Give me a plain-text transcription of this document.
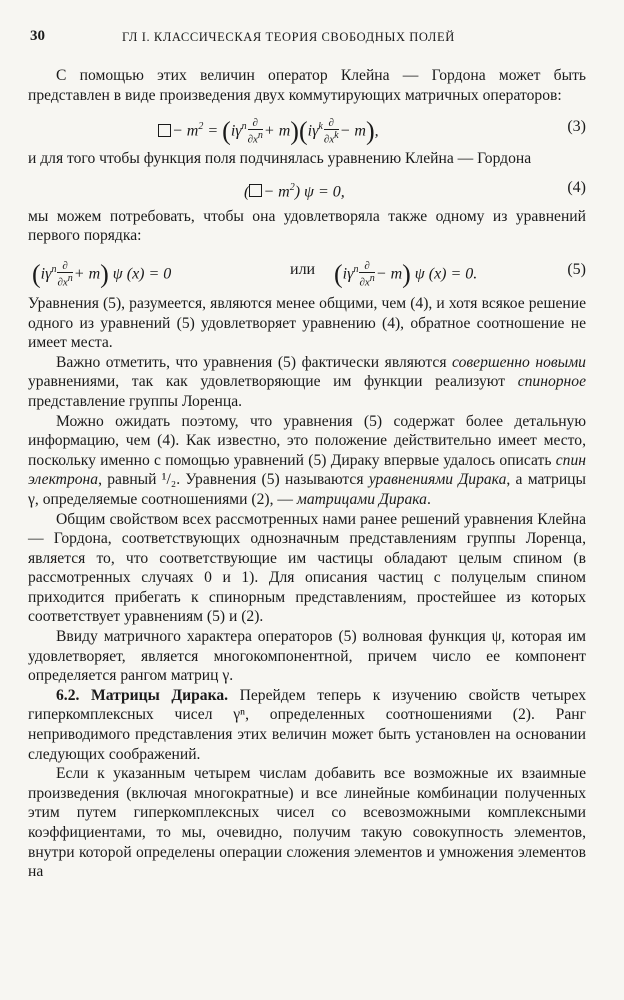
30	ГЛ I. КЛАССИЧЕСКАЯ ТЕОРИЯ СВОБОДНЫХ ПОЛЕЙ

С помощью этих величин оператор Клейна — Гордона может быть представлен в виде произведения двух коммутирующих матричных операторов:

− $m^2 = (i\gamma^n \frac{\partial}{\partial x^n} + m)(i\gamma^k \frac{\partial}{\partial x^k} - m)$,	(3)

и для того чтобы функция поля подчинялась уравнению Клейна — Гордона

( − $m^2$) ψ = 0,	(4)

мы можем потребовать, чтобы она удовлетворяла также одному из уравнений первого порядка:

$(i\gamma^n \frac{\partial}{\partial x^n} + m)$ ψ (x) = 0	или $(i\gamma^n \frac{\partial}{\partial x^n} - m)$ ψ (x) = 0.	(5)

Уравнения (5), разумеется, являются менее общими, чем (4), и хотя всякое решение одного из уравнений (5) удовлетворяет уравнению (4), обратное соотношение не имеет места.

Важно отметить, что уравнения (5) фактически являются совершенно новыми уравнениями, так как удовлетворяющие им функции реализуют спинорное представление группы Лоренца.

Можно ожидать поэтому, что уравнения (5) содержат более детальную информацию, чем (4). Как известно, это положение действительно имеет место, поскольку именно с помощью уравнений (5) Дираку впервые удалось описать спин электрона, равный ¹/₂. Уравнения (5) называются уравнениями Дирака, а матрицы γ, определяемые соотношениями (2), — матрицами Дирака.

Общим свойством всех рассмотренных нами ранее решений уравнения Клейна — Гордона, соответствующих однозначным представлениям группы Лоренца, является то, что соответствующие им частицы обладают целым спином (в рассмотренных случаях 0 и 1). Для описания частиц с полуцелым спином приходится прибегать к спинорным представлениям, простейшее из которых соответствует уравнениям (5) и (2).

Ввиду матричного характера операторов (5) волновая функция ψ, которая им удовлетворяет, является многокомпонентной, причем число ее компонент определяется рангом матриц γ.

6.2. Матрицы Дирака. Перейдем теперь к изучению свойств четырех гиперкомплексных чисел γⁿ, определенных соотношениями (2). Ранг неприводимого представления этих величин может быть установлен на основании следующих соображений.

Если к указанным четырем числам добавить все возможные их взаимные произведения (включая многократные) и все линейные комбинации полученных этим путем гиперкомплексных чисел со всевозможными комплексными коэффициентами, то мы, очевидно, получим такую совокупность элементов, внутри которой определены операции сложения элементов и умножения элементов на
